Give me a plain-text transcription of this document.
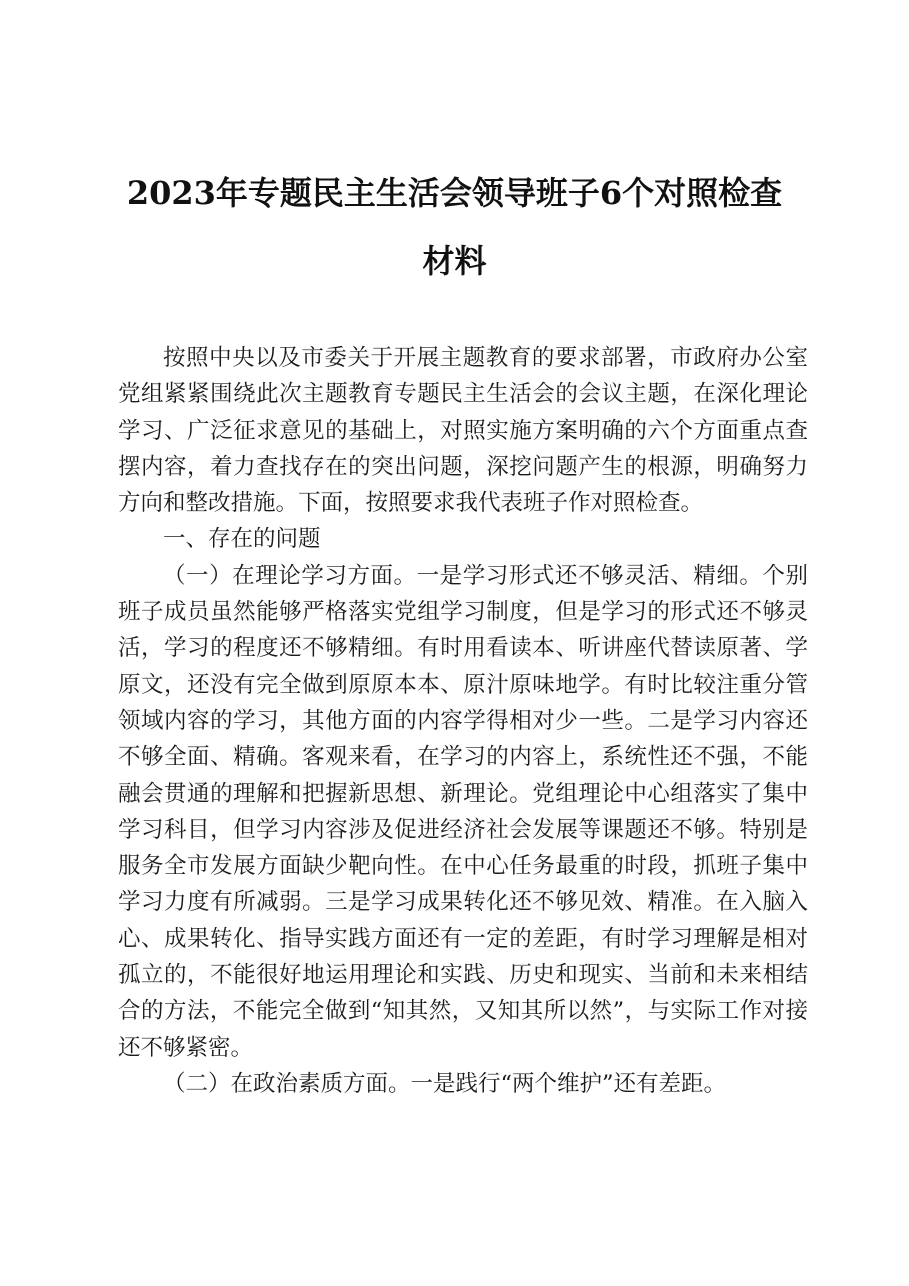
2023年专题民主生活会领导班子6个对照检查
材料

按照中央以及市委关于开展主题教育的要求部署，市政府办公室党组紧紧围绕此次主题教育专题民主生活会的会议主题，在深化理论学习、广泛征求意见的基础上，对照实施方案明确的六个方面重点查摆内容，着力查找存在的突出问题，深挖问题产生的根源，明确努力方向和整改措施。下面，按照要求我代表班子作对照检查。

一、存在的问题

（一）在理论学习方面。一是学习形式还不够灵活、精细。个别班子成员虽然能够严格落实党组学习制度，但是学习的形式还不够灵活，学习的程度还不够精细。有时用看读本、听讲座代替读原著、学原文，还没有完全做到原原本本、原汁原味地学。有时比较注重分管领域内容的学习，其他方面的内容学得相对少一些。二是学习内容还不够全面、精确。客观来看，在学习的内容上，系统性还不强，不能融会贯通的理解和把握新思想、新理论。党组理论中心组落实了集中学习科目，但学习内容涉及促进经济社会发展等课题还不够。特别是服务全市发展方面缺少靶向性。在中心任务最重的时段，抓班子集中学习力度有所减弱。三是学习成果转化还不够见效、精准。在入脑入心、成果转化、指导实践方面还有一定的差距，有时学习理解是相对孤立的，不能很好地运用理论和实践、历史和现实、当前和未来相结合的方法，不能完全做到“知其然，又知其所以然”，与实际工作对接还不够紧密。

（二）在政治素质方面。一是践行“两个维护”还有差距。
